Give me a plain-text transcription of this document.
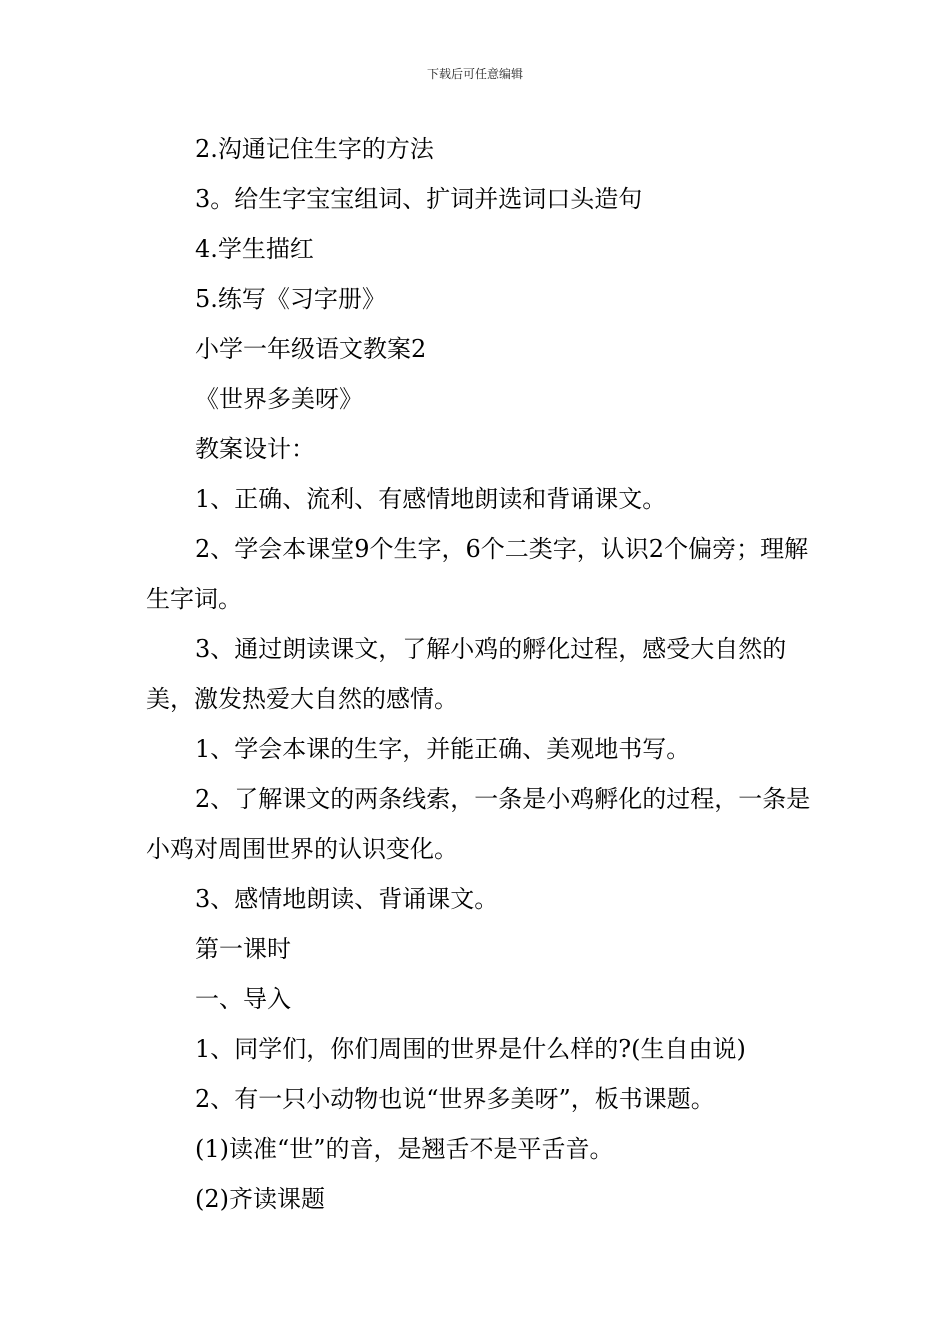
下载后可任意编辑

2.沟通记住生字的方法

3。给生字宝宝组词、扩词并选词口头造句

4.学生描红

5.练写《习字册》

小学一年级语文教案2

《世界多美呀》

教案设计：

1、正确、流利、有感情地朗读和背诵课文。

2、学会本课堂9个生字，6个二类字，认识2个偏旁；理解生字词。

3、通过朗读课文，了解小鸡的孵化过程，感受大自然的美，激发热爱大自然的感情。

1、学会本课的生字，并能正确、美观地书写。

2、了解课文的两条线索，一条是小鸡孵化的过程，一条是小鸡对周围世界的认识变化。

3、感情地朗读、背诵课文。

第一课时

一、导入

1、同学们，你们周围的世界是什么样的?(生自由说)

2、有一只小动物也说“世界多美呀”，板书课题。

(1)读准“世”的音，是翘舌不是平舌音。

(2)齐读课题
